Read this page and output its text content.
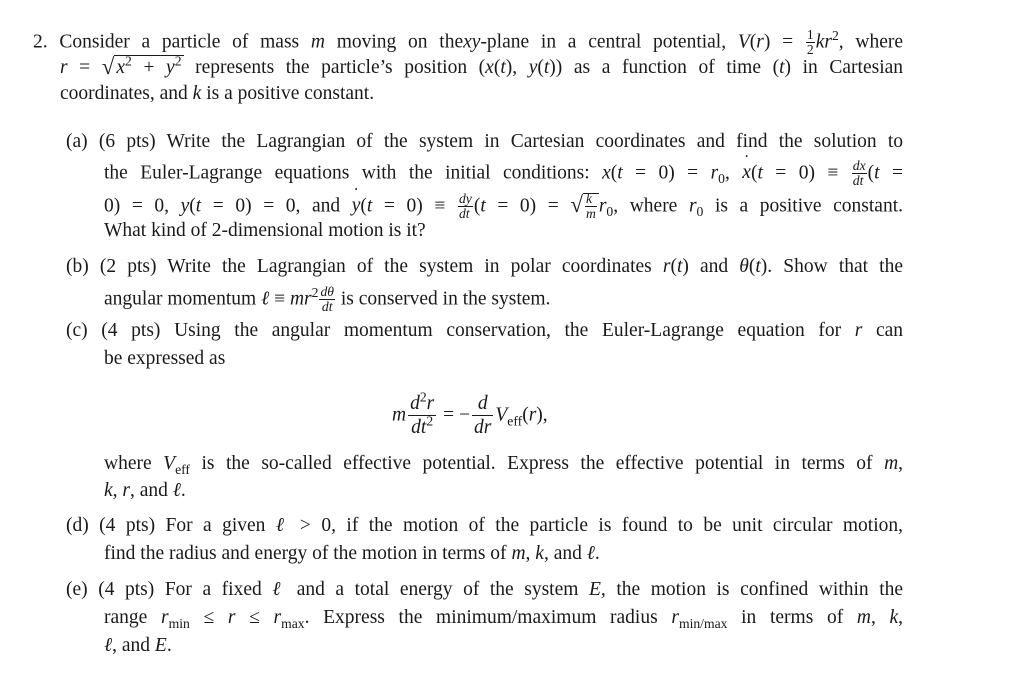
2. Consider a particle of mass m moving on thexy-plane in a central potential, $V(r) = \frac{1}{2} kr^2$, where
r = √ $x^2 + y^2$ represents the particle’s position (x(t), y(t)) as a function of time (t) in Cartesian
coordinates, and k is a positive constant.
(a) (6 pts) Write the Lagrangian of the system in Cartesian coordinates and find the solution to
the Euler-Lagrange equations with the initial conditions: $x(t = 0) = r_0$, x ˙(t = $0) \equiv \frac{dx}{dt} (t$ =
0) = 0, y(t = 0) = 0, and y ˙(t = $0) \equiv \frac{dy}{dt} (t = 0)$ = √ $\frac{k}{m} r_0$, where $r_0$ is a positive constant.
What kind of 2-dimensional motion is it?
(b) (2 pts) Write the Lagrangian of the system in polar coordinates r(t) and θ(t). Show that the
angular momentum ℓ ≡ $mr^2 \frac{d\theta}{dt}$ is conserved in the system.
(c) (4 pts) Using the angular momentum conservation, the Euler-Lagrange equation for r can
be expressed as
m $\frac{d^2r}{dt^2}$ = − $\frac{d}{dr} V_{eff}(r)$,
where $V_{eff}$ is the so-called effective potential. Express the effective potential in terms of m,
k, r, and ℓ.
(d) (4 pts) For a given ℓ > 0, if the motion of the particle is found to be unit circular motion,
find the radius and energy of the motion in terms of m, k, and ℓ.
(e) (4 pts) For a fixed ℓ and a total energy of the system E, the motion is confined within the
range $r_{min} \le r \le r_{max}$. Express the minimum/maximum radius $r_{min/max}$ in terms of m, k,
ℓ, and E.
